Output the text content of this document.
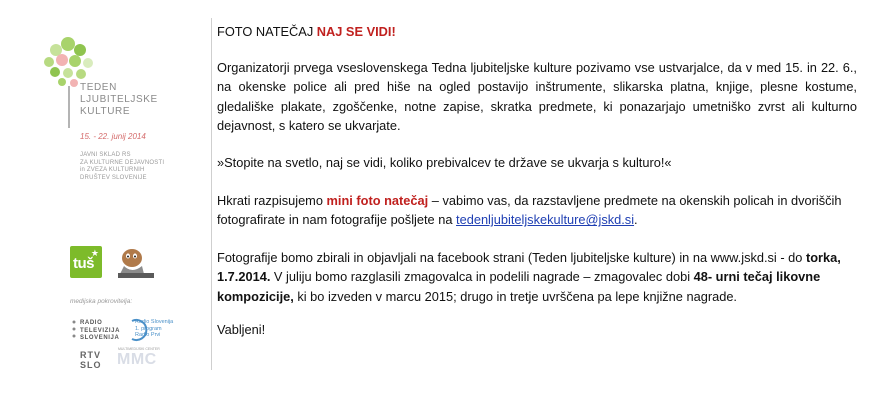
TEDEN
LJUBITELJSKE
KULTURE
15. - 22. junij 2014
JAVNI SKLAD RS
ZA KULTURNE DEJAVNOSTI
in ZVEZA KULTURNIH
DRUŠTEV SLOVENIJE
tuš
★
medijska pokrovitelja:
RADIO
TELEVIZIJA
SLOVENIJA
Radio Slovenija
1. program
Radio Prvi
RTV
SLO
MULTIMEDIJSKI CENTER
MMC

FOTO NATEČAJ NAJ SE VIDI!

Organizatorji prvega vseslovenskega Tedna ljubiteljske kulture pozivamo vse ustvarjalce, da v med 15. in 22. 6., na okenske police ali pred hiše na ogled postavijo inštrumente, slikarska platna, knjige, plesne kostume, gledališke plakate, zgoščenke, notne zapise, skratka predmete, ki ponazarjajo umetniško zvrst ali kulturno dejavnost, s katero se ukvarjate.

»Stopite na svetlo, naj se vidi, koliko prebivalcev te države se ukvarja s kulturo!«

Hkrati razpisujemo mini foto natečaj – vabimo vas, da razstavljene predmete na okenskih policah in dvoriščih fotografirate in nam fotografije pošljete na tedenljubiteljskekulture@jskd.si.

Fotografije bomo zbirali in objavljali na facebook strani (Teden ljubiteljske kulture) in na www.jskd.si - do torka, 1.7.2014. V juliju bomo razglasili zmagovalca in podelili nagrade – zmagovalec dobi 48- urni tečaj likovne kompozicije, ki bo izveden v marcu 2015; drugo in tretje uvrščena pa lepe knjižne nagrade.

Vabljeni!
